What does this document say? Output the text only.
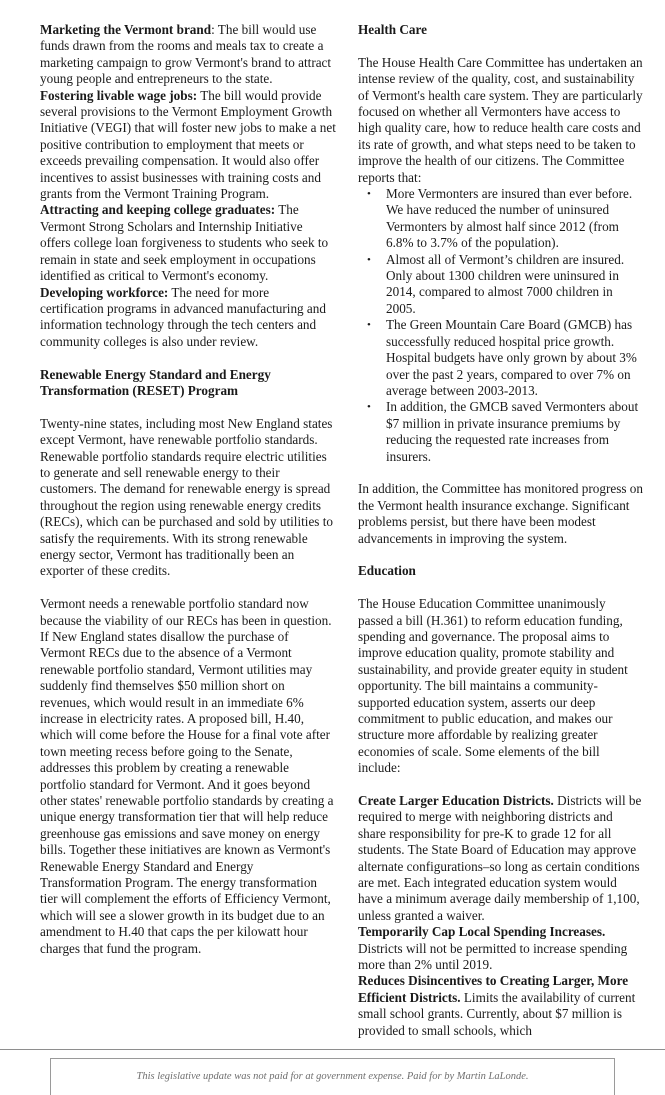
Marketing the Vermont brand: The bill would use funds drawn from the rooms and meals tax to create a marketing campaign to grow Vermont's brand to attract young people and entrepreneurs to the state.

Fostering livable wage jobs: The bill would provide several provisions to the Vermont Employment Growth Initiative (VEGI) that will foster new jobs to make a net positive contribution to employment that meets or exceeds prevailing compensation. It would also offer incentives to assist businesses with training costs and grants from the Vermont Training Program.

Attracting and keeping college graduates: The Vermont Strong Scholars and Internship Initiative offers college loan forgiveness to students who seek to remain in state and seek employment in occupations identified as critical to Vermont's economy.

Developing workforce: The need for more certification programs in advanced manufacturing and information technology through the tech centers and community colleges is also under review.

Renewable Energy Standard and Energy Transformation (RESET) Program

Twenty-nine states, including most New England states except Vermont, have renewable portfolio standards. Renewable portfolio standards require electric utilities to generate and sell renewable energy to their customers. The demand for renewable energy is spread throughout the region using renewable energy credits (RECs), which can be purchased and sold by utilities to satisfy the requirements. With its strong renewable energy sector, Vermont has traditionally been an exporter of these credits.

Vermont needs a renewable portfolio standard now because the viability of our RECs has been in question. If New England states disallow the purchase of Vermont RECs due to the absence of a Vermont renewable portfolio standard, Vermont utilities may suddenly find themselves $50 million short on revenues, which would result in an immediate 6% increase in electricity rates. A proposed bill, H.40, which will come before the House for a final vote after town meeting recess before going to the Senate, addresses this problem by creating a renewable portfolio standard for Vermont. And it goes beyond other states' renewable portfolio standards by creating a unique energy transformation tier that will help reduce greenhouse gas emissions and save money on energy bills. Together these initiatives are known as Vermont's Renewable Energy Standard and Energy Transformation Program. The energy transformation tier will complement the efforts of Efficiency Vermont, which will see a slower growth in its budget due to an amendment to H.40 that caps the per kilowatt hour charges that fund the program.

Health Care

The House Health Care Committee has undertaken an intense review of the quality, cost, and sustainability of Vermont's health care system. They are particularly focused on whether all Vermonters have access to high quality care, how to reduce health care costs and its rate of growth, and what steps need to be taken to improve the health of our citizens. The Committee reports that:

• More Vermonters are insured than ever before. We have reduced the number of uninsured Vermonters by almost half since 2012 (from 6.8% to 3.7% of the population).
• Almost all of Vermont’s children are insured. Only about 1300 children were uninsured in 2014, compared to almost 7000 children in 2005.
• The Green Mountain Care Board (GMCB) has successfully reduced hospital price growth. Hospital budgets have only grown by about 3% over the past 2 years, compared to over 7% on average between 2003-2013.
• In addition, the GMCB saved Vermonters about $7 million in private insurance premiums by reducing the requested rate increases from insurers.

In addition, the Committee has monitored progress on the Vermont health insurance exchange. Significant problems persist, but there have been modest advancements in improving the system.

Education

The House Education Committee unanimously passed a bill (H.361) to reform education funding, spending and governance. The proposal aims to improve education quality, promote stability and sustainability, and provide greater equity in student opportunity. The bill maintains a community-supported education system, asserts our deep commitment to public education, and makes our structure more affordable by realizing greater economies of scale. Some elements of the bill include:

Create Larger Education Districts. Districts will be required to merge with neighboring districts and share responsibility for pre-K to grade 12 for all students. The State Board of Education may approve alternate configurations–so long as certain conditions are met. Each integrated education system would have a minimum average daily membership of 1,100, unless granted a waiver.

Temporarily Cap Local Spending Increases. Districts will not be permitted to increase spending more than 2% until 2019.

Reduces Disincentives to Creating Larger, More Efficient Districts. Limits the availability of current small school grants. Currently, about $7 million is provided to small schools, which

This legislative update was not paid for at government expense. Paid for by Martin LaLonde.
